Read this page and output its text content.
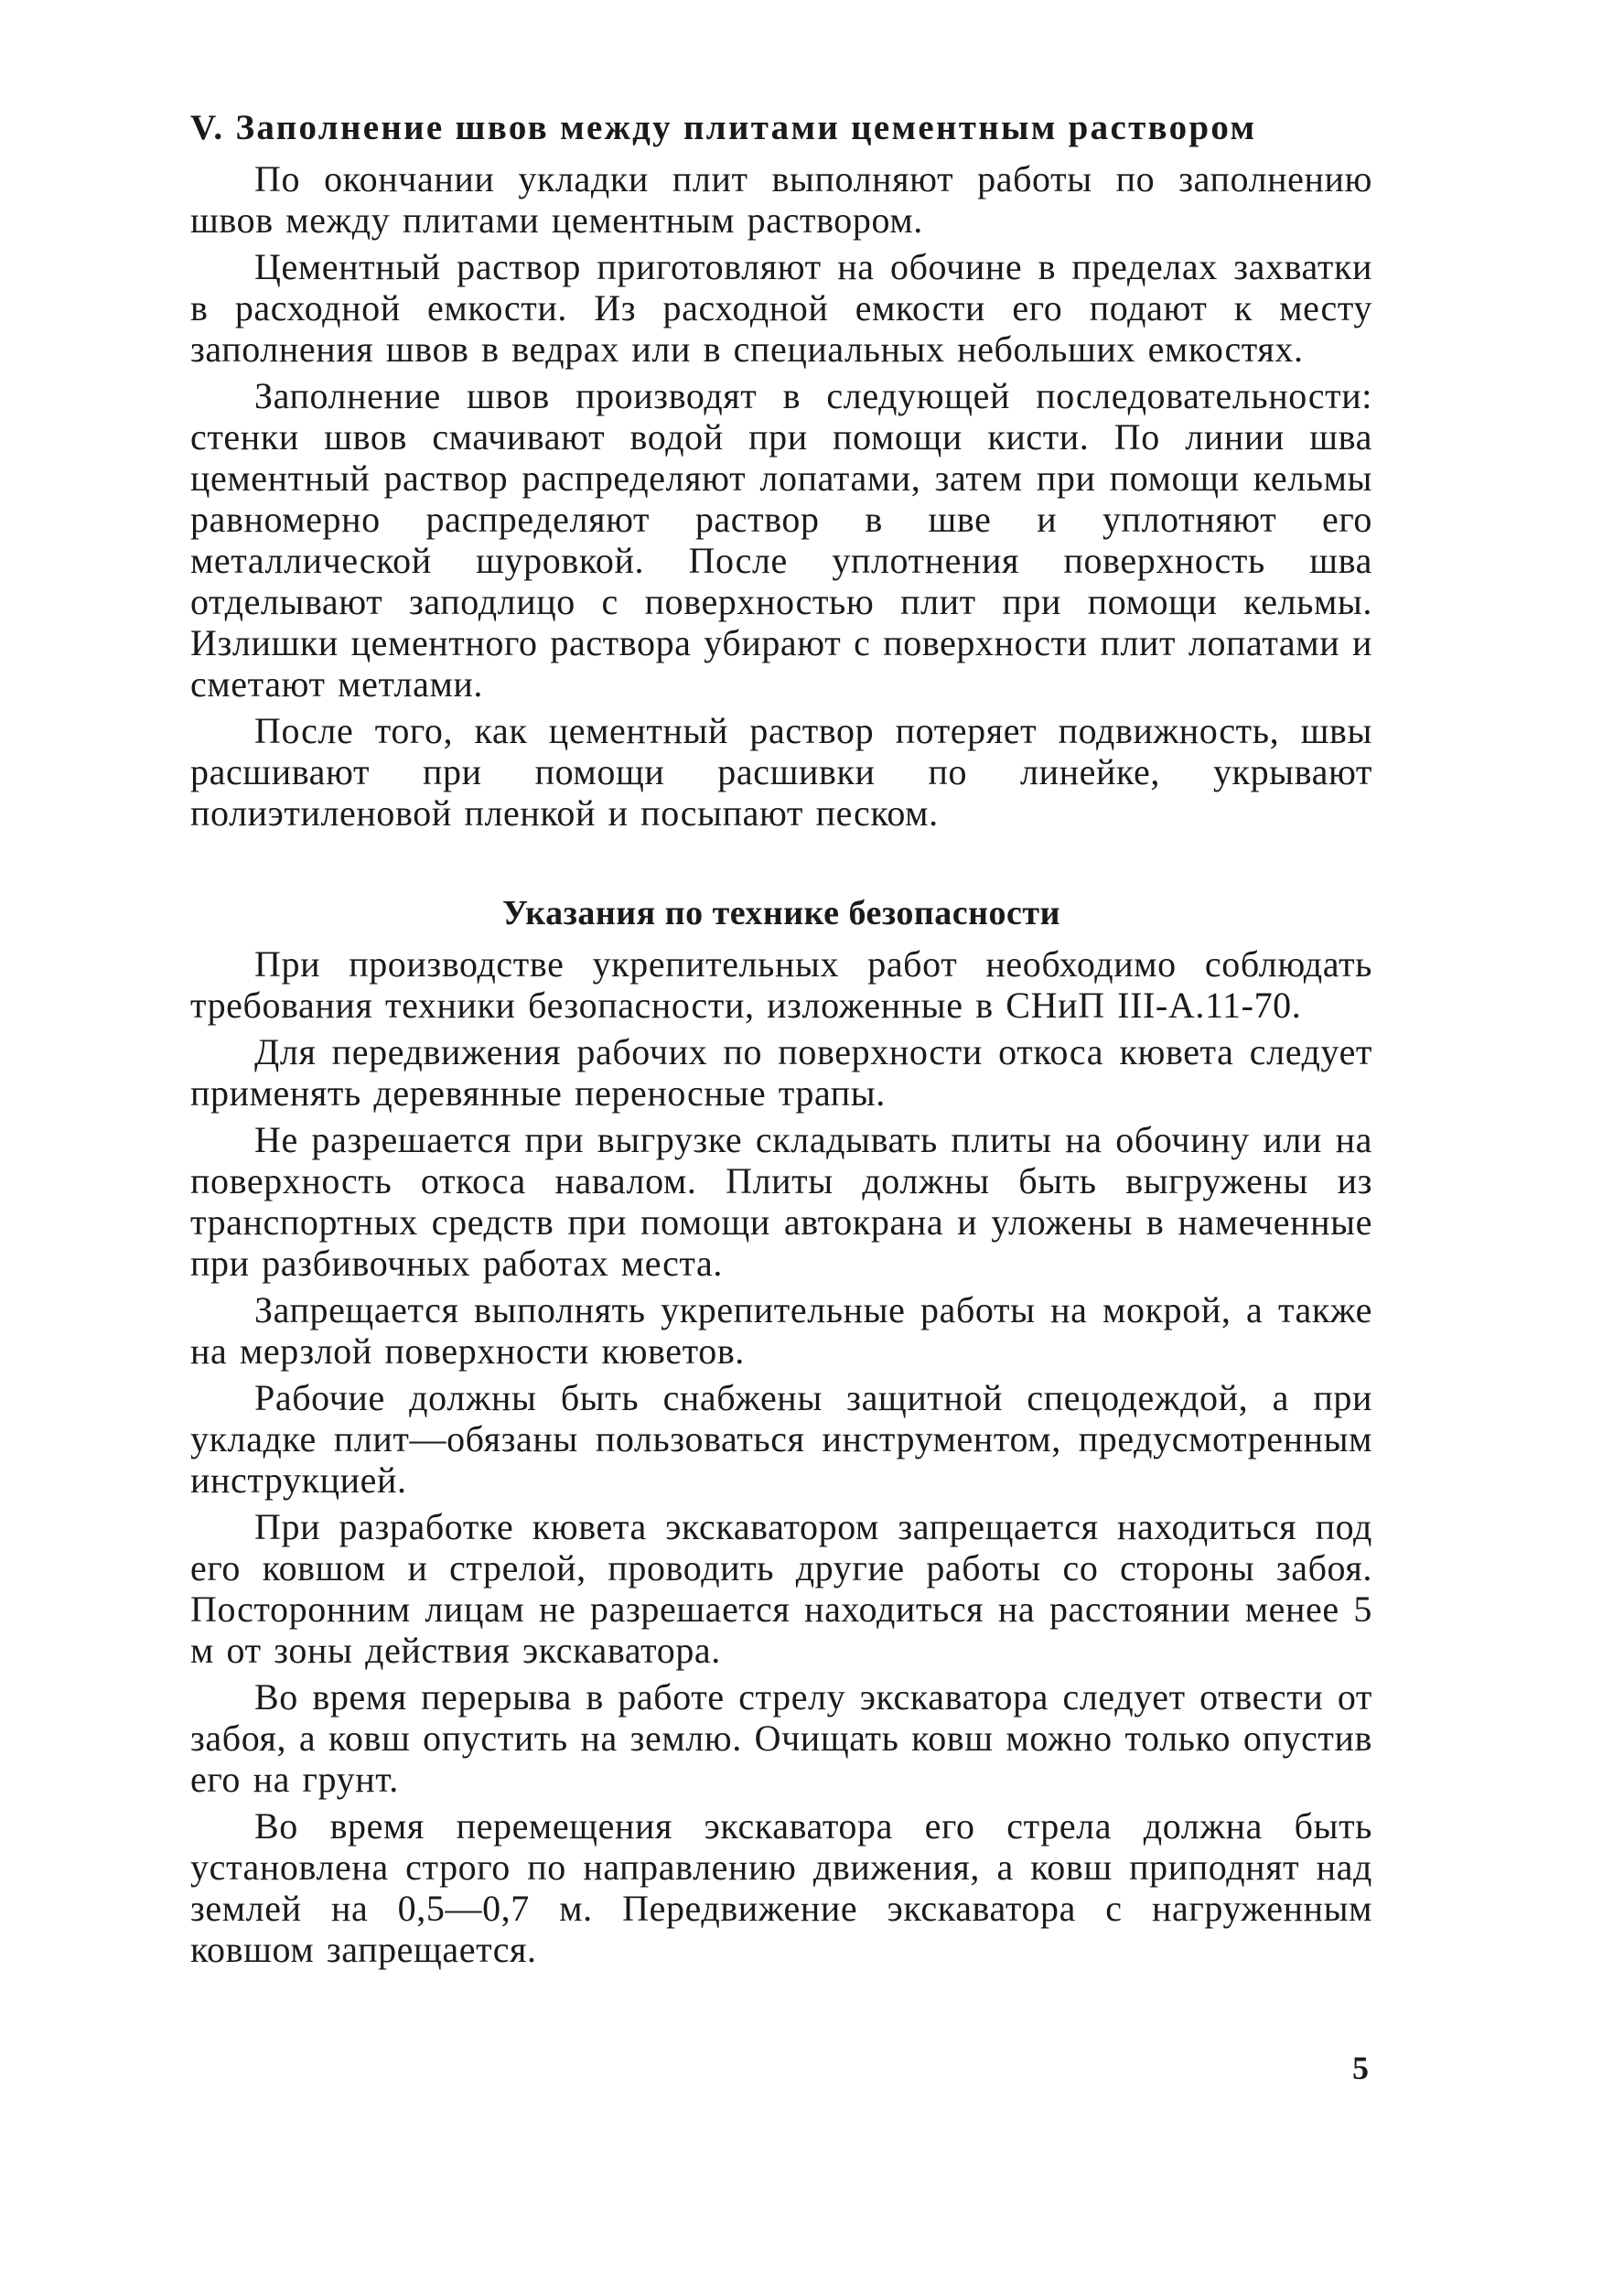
V. Заполнение швов между плитами цементным раствором

По окончании укладки плит выполняют работы по заполнению швов между плитами цементным раствором.

Цементный раствор приготовляют на обочине в пределах захватки в расходной емкости. Из расходной емкости его подают к месту заполнения швов в ведрах или в специальных небольших емкостях.

Заполнение швов производят в следующей последовательности: стенки швов смачивают водой при помощи кисти. По линии шва цементный раствор распределяют лопатами, затем при помощи кельмы равномерно распределяют раствор в шве и уплотняют его металлической шуровкой. После уплотнения поверхность шва отделывают заподлицо с поверхностью плит при помощи кельмы. Излишки цементного раствора убирают с поверхности плит лопатами и сметают метлами.

После того, как цементный раствор потеряет подвижность, швы расшивают при помощи расшивки по линейке, укрывают полиэтиленовой пленкой и посыпают песком.

Указания по технике безопасности

При производстве укрепительных работ необходимо соблюдать требования техники безопасности, изложенные в СНиП III-А.11-70.

Для передвижения рабочих по поверхности откоса кювета следует применять деревянные переносные трапы.

Не разрешается при выгрузке складывать плиты на обочину или на поверхность откоса навалом. Плиты должны быть выгружены из транспортных средств при помощи автокрана и уложены в намеченные при разбивочных работах места.

Запрещается выполнять укрепительные работы на мокрой, а также на мерзлой поверхности кюветов.

Рабочие должны быть снабжены защитной спецодеждой, а при укладке плит—обязаны пользоваться инструментом, предусмотренным инструкцией.

При разработке кювета экскаватором запрещается находиться под его ковшом и стрелой, проводить другие работы со стороны забоя. Посторонним лицам не разрешается находиться на расстоянии менее 5 м от зоны действия экскаватора.

Во время перерыва в работе стрелу экскаватора следует отвести от забоя, а ковш опустить на землю. Очищать ковш можно только опустив его на грунт.

Во время перемещения экскаватора его стрела должна быть установлена строго по направлению движения, а ковш приподнят над землей на 0,5—0,7 м. Передвижение экскаватора с нагруженным ковшом запрещается.

5
